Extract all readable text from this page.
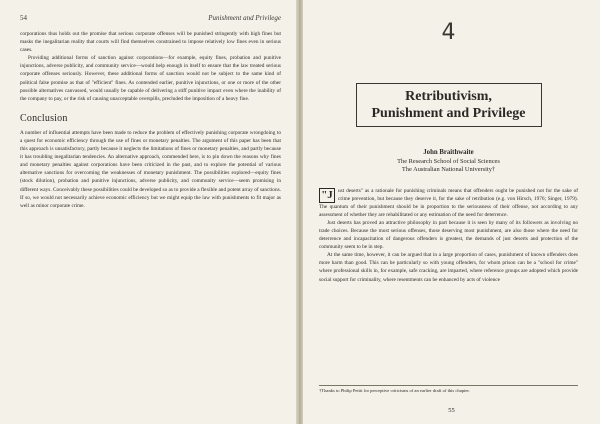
54	Punishment and Privilege

corporations thus holds out the promise that serious corporate offenses will be punished stringently with high fines but masks the inegalitarian reality that courts will find themselves constrained to impose relatively low fines even in serious cases.

Providing additional forms of sanction against corporations—for example, equity fines, probation and punitive injunctions, adverse publicity, and community service—would help enough in itself to ensure that the law treated serious corporate offenses seriously. However, these additional forms of sanction would not be subject to the same kind of political false promise as that of "efficient" fines. As contended earlier, punitive injunctions, or one or more of the other possible alternatives canvassed, would usually be capable of delivering a stiff punitive impact even where the inability of the company to pay, or the risk of causing unacceptable overspills, precluded the imposition of a heavy fine.

Conclusion

A number of influential attempts have been made to reduce the problem of effectively punishing corporate wrongdoing to a quest for economic efficiency through the use of fines or monetary penalties. The argument of this paper has been that this approach is unsatisfactory, partly because it neglects the limitations of fines or monetary penalties, and partly because it has troubling inegalitarian tendencies. An alternative approach, commended here, is to pin down the reasons why fines and monetary penalties against corporations have been criticized in the past, and to explore the potential of various alternative sanctions for overcoming the weaknesses of monetary punishment. The possibilities explored—equity fines (stock dilution), probation and punitive injunctions, adverse publicity, and community service—seem promising in different ways. Conceivably these possibilities could be developed so as to provide a flexible and potent array of sanctions. If so, we would not necessarily achieve economic efficiency but we might equip the law with punishments to fit major as well as minor corporate crime.

4
Retributivism,
Punishment and Privilege
John Braithwaite
The Research School of Social Sciences
The Australian National University†

"J ust deserts" as a rationale for punishing criminals means that offenders ought be punished not for the sake of crime prevention, but because they deserve it, for the sake of retribution (e.g. von Hirsch, 1976; Singer, 1979). The quantum of their punishment should be in proportion to the seriousness of their offense, not according to any assessment of whether they are rehabilitated or any estimation of the need for deterrence.

Just deserts has proved an attractive philosophy in part because it is seen by many of its followers as involving no trade choices. Because the most serious offenses, those deserving most punishment, are also those where the need for deterrence and incapacitation of dangerous offenders is greatest, the demands of just deserts and protection of the community seem to be in step.

At the same time, however, it can be argued that in a large proportion of cases, punishment of known offenders does more harm than good. This can be particularly so with young offenders, for whom prison can be a "school for crime" where professional skills in, for example, safe cracking, are imparted, where reference groups are adopted which provide social support for criminality, where resentments can be enhanced by acts of violence

†Thanks to Philip Pettit for perceptive criticisms of an earlier draft of this chapter.
55
